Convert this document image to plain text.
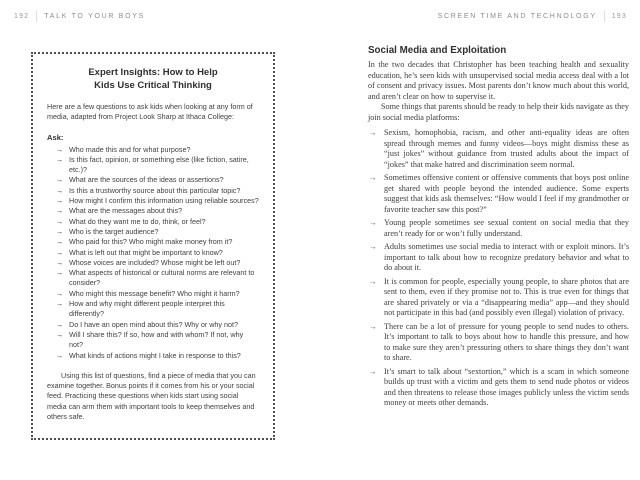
192 TALK TO YOUR BOYS	SCREEN TIME AND TECHNOLOGY 193
Expert Insights: How to Help
Kids Use Critical Thinking
Here are a few questions to ask kids when looking at any form of media, adapted from Project Look Sharp at Ithaca College:
Ask:
→ Who made this and for what purpose?
→ Is this fact, opinion, or something else (like fiction, satire, etc.)?
→ What are the sources of the ideas or assertions?
→ Is this a trustworthy source about this particular topic?
→ How might I confirm this information using reliable sources?
→ What are the messages about this?
→ What do they want me to do, think, or feel?
→ Who is the target audience?
→ Who paid for this? Who might make money from it?
→ What is left out that might be important to know?
→ Whose voices are included? Whose might be left out?
→ What aspects of historical or cultural norms are relevant to consider?
→ Who might this message benefit? Who might it harm?
→ How and why might different people interpret this differently?
→ Do I have an open mind about this? Why or why not?
→ Will I share this? If so, how and with whom? If not, why not?
→ What kinds of actions might I take in response to this?
Using this list of questions, find a piece of media that you can examine together. Bonus points if it comes from his or your social feed. Practicing these questions when kids start using social media can arm them with important tools to keep themselves and others safe.
Social Media and Exploitation

In the two decades that Christopher has been teaching health and sexuality education, he’s seen kids with unsupervised social media access deal with a lot of consent and privacy issues. Most parents don’t know much about this world, and aren’t clear on how to supervise it.

Some things that parents should be ready to help their kids navigate as they join social media platforms:

→ Sexism, homophobia, racism, and other anti-equality ideas are often spread through memes and funny videos—boys might dismiss these as “just jokes” without guidance from trusted adults about the impact of “jokes” that make hatred and discrimination seem normal.
→ Sometimes offensive content or offensive comments that boys post online get shared with people beyond the intended audience. Some experts suggest that kids ask themselves: “How would I feel if my grandmother or favorite teacher saw this post?”
→ Young people sometimes see sexual content on social media that they aren’t ready for or won’t fully understand.
→ Adults sometimes use social media to interact with or exploit minors. It’s important to talk about how to recognize predatory behavior and what to do about it.
→ It is common for people, especially young people, to share photos that are sent to them, even if they promise not to. This is true even for things that are shared privately or via a “disappearing media” app—and they should not participate in this bad (and possibly even illegal) violation of privacy.
→ There can be a lot of pressure for young people to send nudes to others. It’s important to talk to boys about how to handle this pressure, and how to make sure they aren’t pressuring others to share things they don’t want to share.
→ It’s smart to talk about “sextortion,” which is a scam in which someone builds up trust with a victim and gets them to send nude photos or videos and then threatens to release those images publicly unless the victim sends money or meets other demands.
